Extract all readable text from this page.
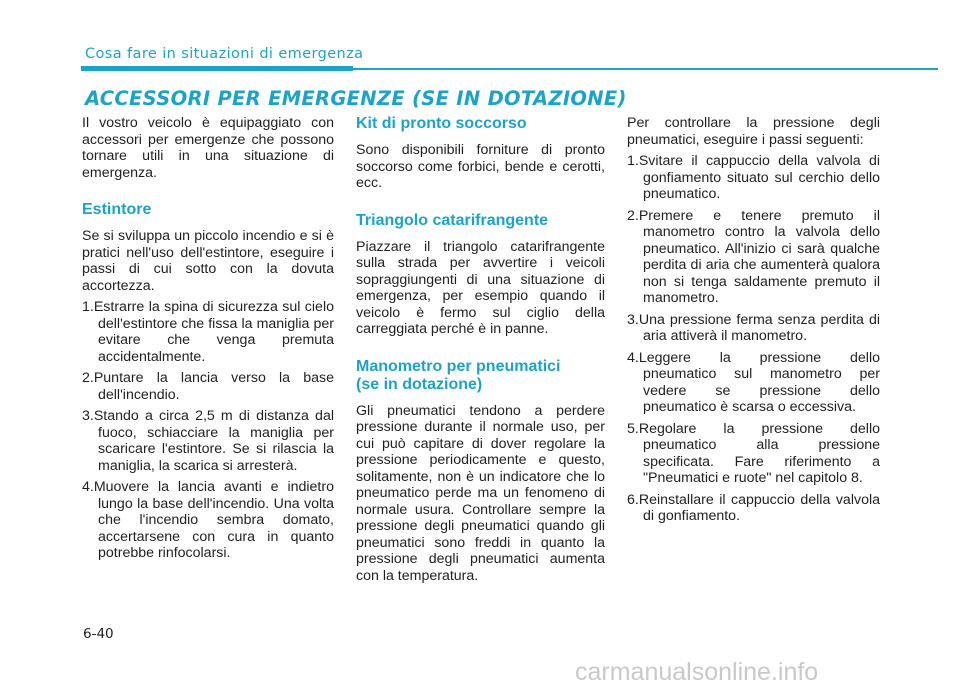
Cosa fare in situazioni di emergenza
ACCESSORI PER EMERGENZE (SE IN DOTAZIONE)

Il vostro veicolo è equipaggiato con accessori per emergenze che possono tornare utili in una situazione di emergenza.

Estintore

Se si sviluppa un piccolo incendio e si è pratici nell'uso dell'estintore, eseguire i passi di cui sotto con la dovuta accortezza.

1.Estrarre la spina di sicurezza sul cielo dell'estintore che fissa la maniglia per evitare che venga premuta accidentalmente.
2.Puntare la lancia verso la base dell'incendio.
3.Stando a circa 2,5 m di distanza dal fuoco, schiacciare la maniglia per scaricare l'estintore. Se si rilascia la maniglia, la scarica si arresterà.
4.Muovere la lancia avanti e indietro lungo la base dell'incendio. Una volta che l'incendio sembra domato, accertarsene con cura in quanto potrebbe rinfocolarsi.
Kit di pronto soccorso

Sono disponibili forniture di pronto soccorso come forbici, bende e cerotti, ecc.

Triangolo catarifrangente

Piazzare il triangolo catarifrangente sulla strada per avvertire i veicoli sopraggiungenti di una situazione di emergenza, per esempio quando il veicolo è fermo sul ciglio della carreggiata perché è in panne.

Manometro per pneumatici
(se in dotazione)

Gli pneumatici tendono a perdere pressione durante il normale uso, per cui può capitare di dover regolare la pressione periodicamente e questo, solitamente, non è un indicatore che lo pneumatico perde ma un fenomeno di normale usura. Controllare sempre la pressione degli pneumatici quando gli pneumatici sono freddi in quanto la pressione degli pneumatici aumenta con la temperatura.

Per controllare la pressione degli pneumatici, eseguire i passi seguenti:

1.Svitare il cappuccio della valvola di gonfiamento situato sul cerchio dello pneumatico.
2.Premere e tenere premuto il manometro contro la valvola dello pneumatico. All'inizio ci sarà qualche perdita di aria che aumenterà qualora non si tenga saldamente premuto il manometro.
3.Una pressione ferma senza perdita di aria attiverà il manometro.
4.Leggere la pressione dello pneumatico sul manometro per vedere se pressione dello pneumatico è scarsa o eccessiva.
5.Regolare la pressione dello pneumatico alla pressione specificata. Fare riferimento a "Pneumatici e ruote" nel capitolo 8.
6.Reinstallare il cappuccio della valvola di gonfiamento.
6-40
carmanualsonline.info
